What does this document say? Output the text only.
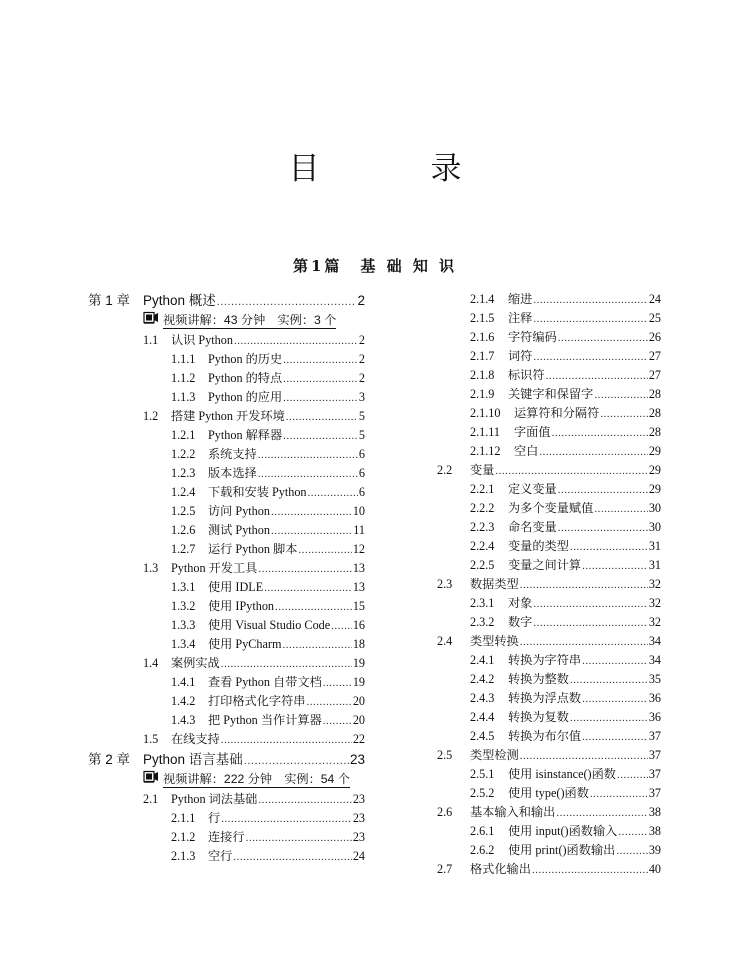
目　录
第1篇　基 础 知 识
第 1 章 Python 概述 .....	2
视频讲解：43 分钟　实例：3 个
1.1	认识 Python .....	2
1.1.1	Python 的历史 .....	2
1.1.2	Python 的特点 .....	2
1.1.3	Python 的应用 .....	3
1.2	搭建 Python 开发环境 .....	5
1.2.1	Python 解释器 .....	5
1.2.2	系统支持 .....	6
1.2.3	版本选择 .....	6
1.2.4	下载和安装 Python .....	6
1.2.5	访问 Python .....	10
1.2.6	测试 Python .....	11
1.2.7	运行 Python 脚本 .....	12
1.3	Python 开发工具 .....	13
1.3.1	使用 IDLE .....	13
1.3.2	使用 IPython .....	15
1.3.3	使用 Visual Studio Code ..... 16
1.3.4	使用 PyCharm .....	18
1.4	案例实战 .....	19
1.4.1	查看 Python 自带文档 .....	19
1.4.2	打印格式化字符串 .....	20
1.4.3	把 Python 当作计算器 .....	20
1.5	在线支持 .....	22
第 2 章 Python 语言基础 .....	23
视频讲解：222 分钟　实例：54 个
2.1	Python 词法基础 .....	23
2.1.1	行 .....	23
2.1.2	连接行 .....	23
2.1.3	空行 .....	24
2.1.4	缩进 .....	24
2.1.5	注释 .....	25
2.1.6	字符编码 .....	26
2.1.7	词符 .....	27
2.1.8	标识符 .....	27
2.1.9	关键字和保留字 .....	28
2.1.10	运算符和分隔符 .....	28
2.1.11	字面值 .....	28
2.1.12	空白 .....	29
2.2	变量 .....	29
2.2.1	定义变量 .....	29
2.2.2	为多个变量赋值 .....	30
2.2.3	命名变量 .....	30
2.2.4	变量的类型 .....	31
2.2.5	变量之间计算 .....	31
2.3	数据类型 .....	32
2.3.1	对象 .....	32
2.3.2	数字 .....	32
2.4	类型转换 .....	34
2.4.1	转换为字符串 .....	34
2.4.2	转换为整数 .....	35
2.4.3	转换为浮点数 .....	36
2.4.4	转换为复数 .....	36
2.4.5	转换为布尔值 .....	37
2.5	类型检测 .....	37
2.5.1	使用 isinstance()函数 .....	37
2.5.2	使用 type()函数 .....	37
2.6	基本输入和输出 .....	38
2.6.1	使用 input()函数输入 .....	38
2.6.2	使用 print()函数输出 .....	39
2.7	格式化输出 .....	40
